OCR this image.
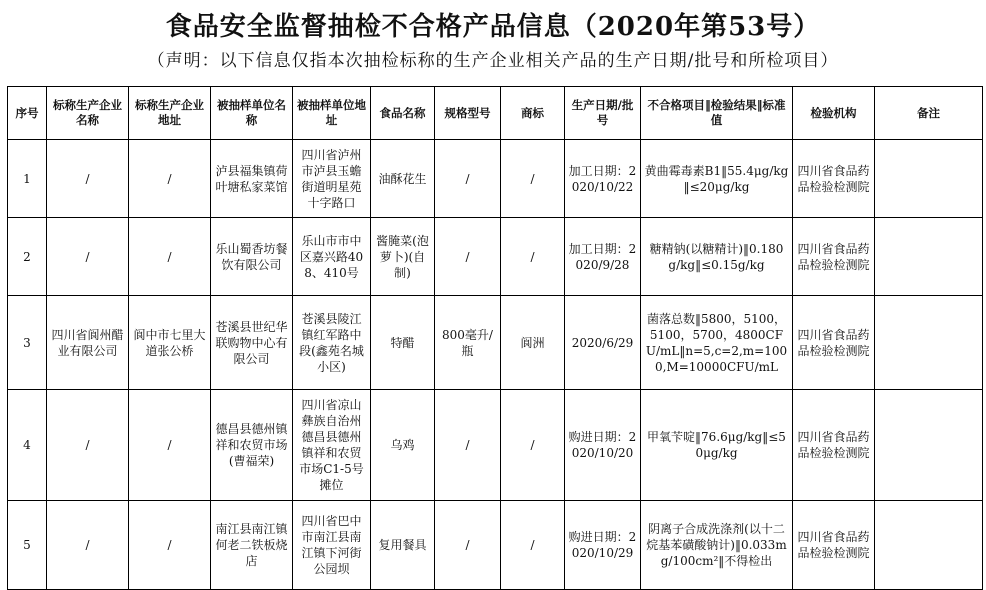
食品安全监督抽检不合格产品信息（2020年第53号）
（声明：以下信息仅指本次抽检标称的生产企业相关产品的生产日期/批号和所检项目）
序号	标称生产企业名称	标称生产企业地址	被抽样单位名称	被抽样单位地址	食品名称	规格型号	商标	生产日期/批号	不合格项目‖检验结果‖标准值	检验机构	备注
1	/	/	泸县福集镇荷叶塘私家菜馆	四川省泸州市泸县玉蟾街道明星苑十字路口	油酥花生	/	/	加工日期：2020/10/22	黄曲霉毒素B1‖55.4μg/kg‖≤20μg/kg	四川省食品药品检验检测院	
2	/	/	乐山蜀香坊餐饮有限公司	乐山市市中区嘉兴路408、410号	酱腌菜(泡萝卜)(自制)	/	/	加工日期：2020/9/28	糖精钠(以糖精计)‖0.180g/kg‖≤0.15g/kg	四川省食品药品检验检测院	
3	四川省阆州醋业有限公司	阆中市七里大道张公桥	苍溪县世纪华联购物中心有限公司	苍溪县陵江镇红军路中段(鑫苑名城小区)	特醋	800毫升/瓶	阆洲	2020/6/29	菌落总数‖5800，5100，5100，5700，4800CFU/mL‖n=5,c=2,m=1000,M=10000CFU/mL	四川省食品药品检验检测院	
4	/	/	德昌县德州镇祥和农贸市场(曹福荣)	四川省凉山彝族自治州德昌县德州镇祥和农贸市场C1-5号摊位	乌鸡	/	/	购进日期：2020/10/20	甲氧苄啶‖76.6μg/kg‖≤50μg/kg	四川省食品药品检验检测院	
5	/	/	南江县南江镇何老二铁板烧店	四川省巴中市南江县南江镇下河街公园坝	复用餐具	/	/	购进日期：2020/10/29	阴离子合成洗涤剂(以十二烷基苯磺酸钠计)‖0.033mg/100cm²‖不得检出	四川省食品药品检验检测院	
